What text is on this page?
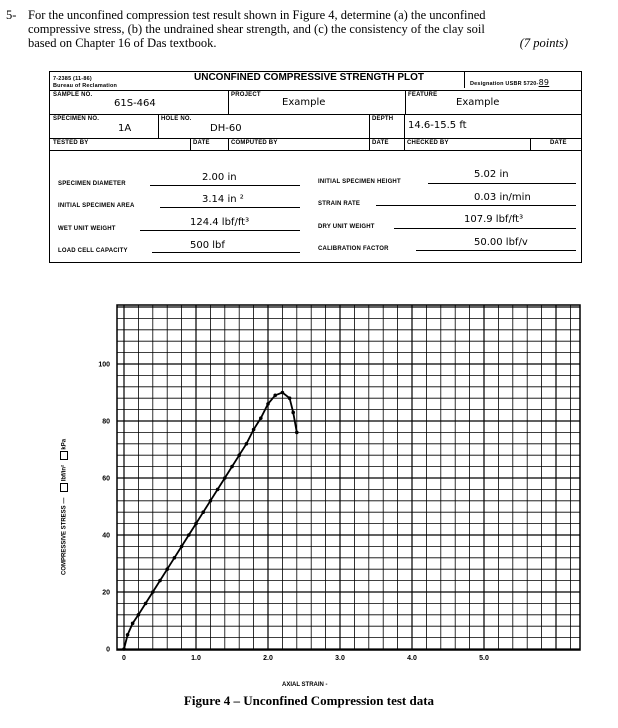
5- For the unconfined compression test result shown in Figure 4, determine (a) the unconfined
compressive stress, (b) the undrained shear strength, and (c) the consistency of the clay soil
based on Chapter 16 of Das textbook.	(7 points)
7-2385 (11-86)
Bureau of Reclamation
UNCONFINED COMPRESSIVE STRENGTH PLOT
Designation USBR 5720-89
SAMPLE NO.
61S-464
PROJECT
Example
FEATURE
Example
SPECIMEN NO.
1A
HOLE NO.
DH-60
DEPTH
14.6-15.5 ft
TESTED BY	DATE	COMPUTED BY	DATE	CHECKED BY	DATE
SPECIMEN DIAMETER
2.00 in
INITIAL SPECIMEN AREA
3.14 in ²
WET UNIT WEIGHT
124.4 lbf/ft³
LOAD CELL CAPACITY	500 lbf
INITIAL SPECIMEN HEIGHT
5.02 in
STRAIN RATE
0.03 in/min
DRY UNIT WEIGHT
107.9 lbf/ft³
CALIBRATION FACTOR
50.00 lbf/v
0	1.0	2.0	3.0	4.0	5.0
0
20
40
60
80
100
COMPRESSIVE STRESS —  lbf/in²  kPa
AXIAL STRAIN -
Figure 4 – Unconfined Compression test data
